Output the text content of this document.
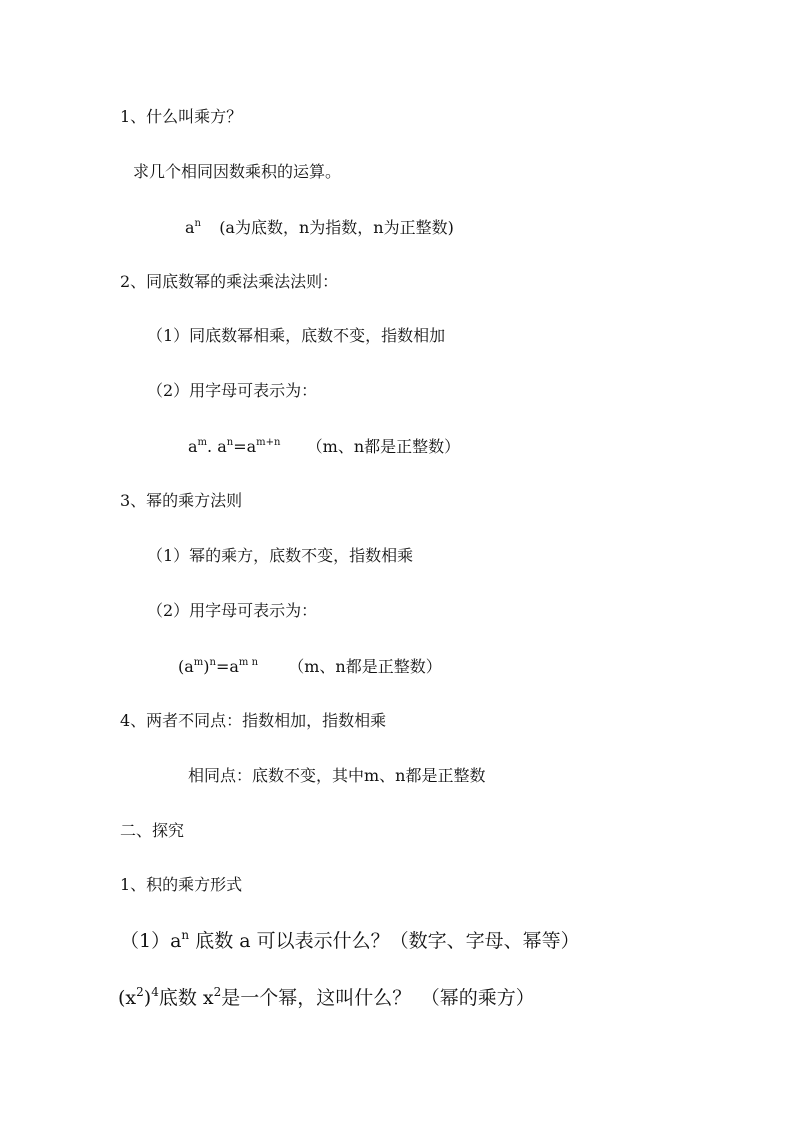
1、什么叫乘方？
求几个相同因数乘积的运算。
$a^n$ (a为底数，n为指数，n为正整数)
2、同底数幂的乘法乘法法则：
（1）同底数幂相乘，底数不变，指数相加
（2）用字母可表示为：
$a^m$. $a^n=a^{m+n}$ （m、n都是正整数）
3、幂的乘方法则
（1）幂的乘方，底数不变，指数相乘
（2）用字母可表示为：
$(a^m)^n=a^{m n}$ （m、n都是正整数）
4、两者不同点：指数相加，指数相乘
相同点：底数不变，其中m、n都是正整数
二、探究
1、积的乘方形式
$(1)a^n$ 底数 a 可以表示什么？（数字、字母、幂等）
$(x^2)^4$底数 $x^2$是一个幂，这叫什么？　（幂的乘方）
